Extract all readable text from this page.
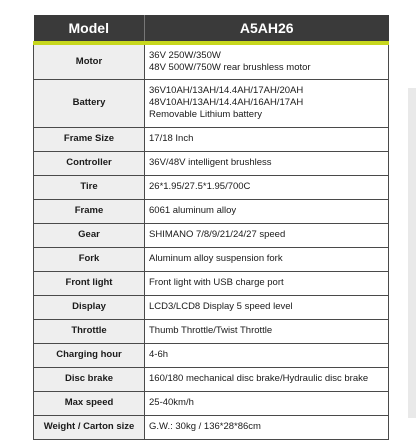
Model	A5AH26
Motor	36V 250W/350W
48V 500W/750W rear brushless motor

Battery	36V10AH/13AH/14.4AH/17AH/20AH
48V10AH/13AH/14.4AH/16AH/17AH
Removable Lithium battery

Frame Size	17/18 Inch

Controller	36V/48V intelligent brushless

Tire	26*1.95/27.5*1.95/700C

Frame	6061 aluminum alloy

Gear	SHIMANO 7/8/9/21/24/27 speed

Fork	Aluminum alloy suspension fork

Front light	Front light with USB charge port

Display	LCD3/LCD8 Display 5 speed level

Throttle	Thumb Throttle/Twist Throttle

Charging hour	4-6h

Disc brake	160/180 mechanical disc brake/Hydraulic disc brake

Max speed	25-40km/h

Weight / Carton size	G.W.: 30kg / 136*28*86cm
